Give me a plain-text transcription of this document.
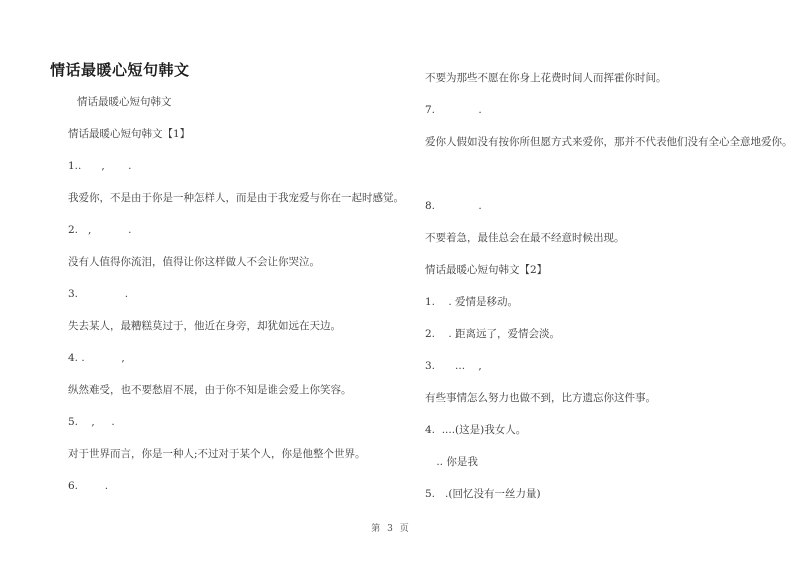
情话最暖心短句韩文

情话最暖心短句韩文

情话最暖心短句韩文【1】

1..      ,       .

我爱你，不是由于你是一种怎样人，而是由于我宠爱与你在一起时感觉。

2.   ,           .

没有人值得你流泪，值得让你这样做人不会让你哭泣。

3.              .

失去某人，最糟糕莫过于，他近在身旁，却犹如远在天边。

4. .           ,

纵然难受，也不要愁眉不展，由于你不知是谁会爱上你笑容。

5.    ,     .

对于世界而言，你是一种人;不过对于某个人，你是他整个世界。

6.        .

不要为那些不愿在你身上花费时间人而挥霍你时间。

7.             .

爱你人假如没有按你所但愿方式来爱你，那并不代表他们没有全心全意地爱你。

8.             .

不要着急，最佳总会在最不经意时候出现。

情话最暖心短句韩文【2】

1.    . 爱情是移动。

2.    . 距离远了，爱情会淡。

3.      ...    ,

有些事情怎么努力也做不到，比方遗忘你这件事。

4.  ....(这是)我女人。

.. 你是我

5.   .(回忆没有一丝力量)

第 3 页
